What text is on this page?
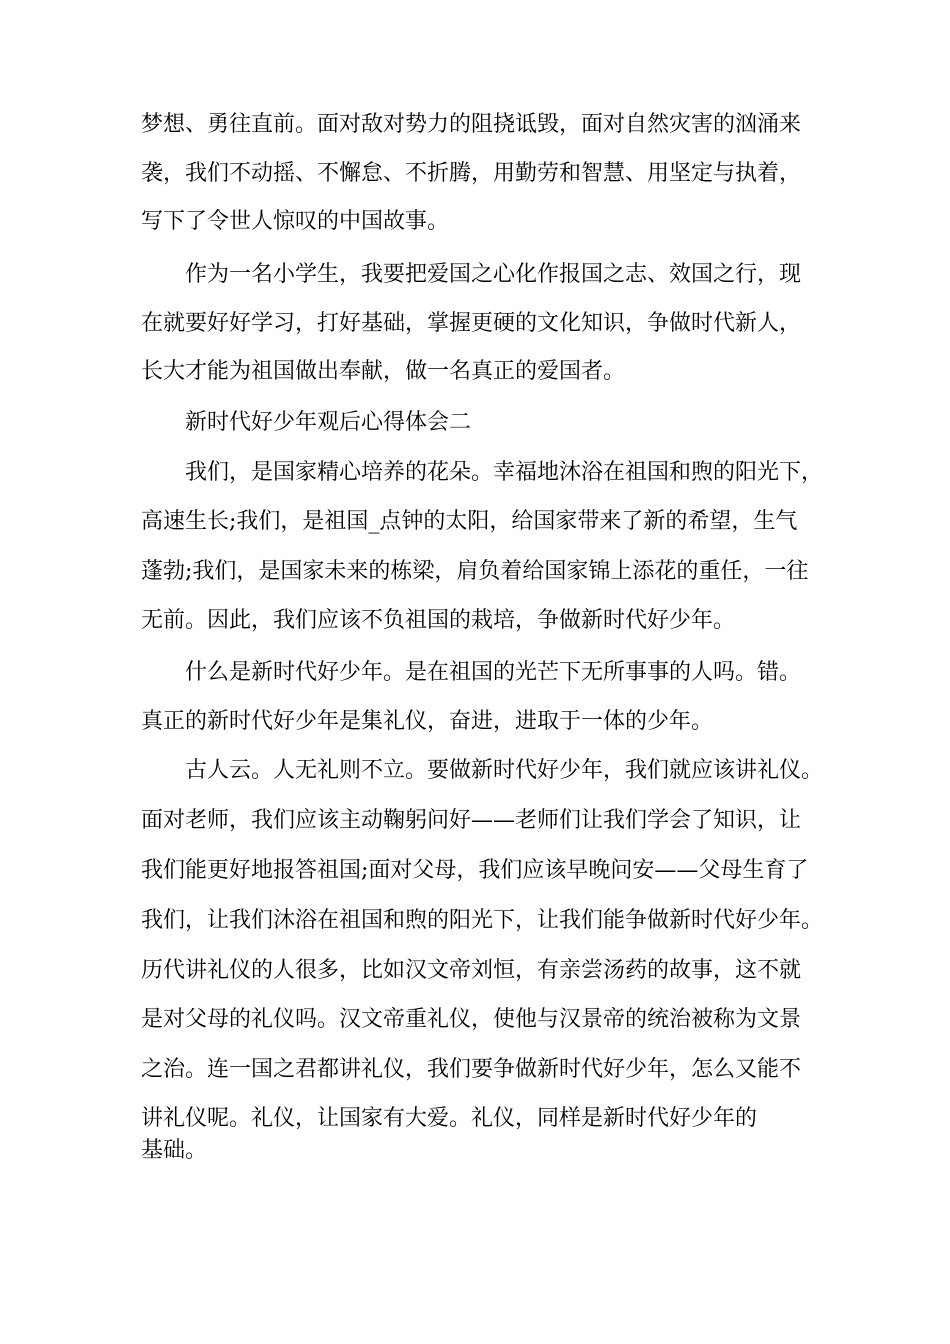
梦想、勇往直前。面对敌对势力的阻挠诋毁，面对自然灾害的汹涌来
袭，我们不动摇、不懈怠、不折腾，用勤劳和智慧、用坚定与执着，
写下了令世人惊叹的中国故事。
作为一名小学生，我要把爱国之心化作报国之志、效国之行，现
在就要好好学习，打好基础，掌握更硬的文化知识，争做时代新人，
长大才能为祖国做出奉献，做一名真正的爱国者。
新时代好少年观后心得体会二
我们，是国家精心培养的花朵。幸福地沐浴在祖国和煦的阳光下，
高速生长;我们，是祖国_点钟的太阳，给国家带来了新的希望，生气
蓬勃;我们，是国家未来的栋梁，肩负着给国家锦上添花的重任，一往
无前。因此，我们应该不负祖国的栽培，争做新时代好少年。
什么是新时代好少年。是在祖国的光芒下无所事事的人吗。错。
真正的新时代好少年是集礼仪，奋进，进取于一体的少年。
古人云。人无礼则不立。要做新时代好少年，我们就应该讲礼仪。
面对老师，我们应该主动鞠躬问好——老师们让我们学会了知识，让
我们能更好地报答祖国;面对父母，我们应该早晚问安——父母生育了
我们，让我们沐浴在祖国和煦的阳光下，让我们能争做新时代好少年。
历代讲礼仪的人很多，比如汉文帝刘恒，有亲尝汤药的故事，这不就
是对父母的礼仪吗。汉文帝重礼仪，使他与汉景帝的统治被称为文景
之治。连一国之君都讲礼仪，我们要争做新时代好少年，怎么又能不
讲礼仪呢。礼仪，让国家有大爱。礼仪，同样是新时代好少年的
基础。
